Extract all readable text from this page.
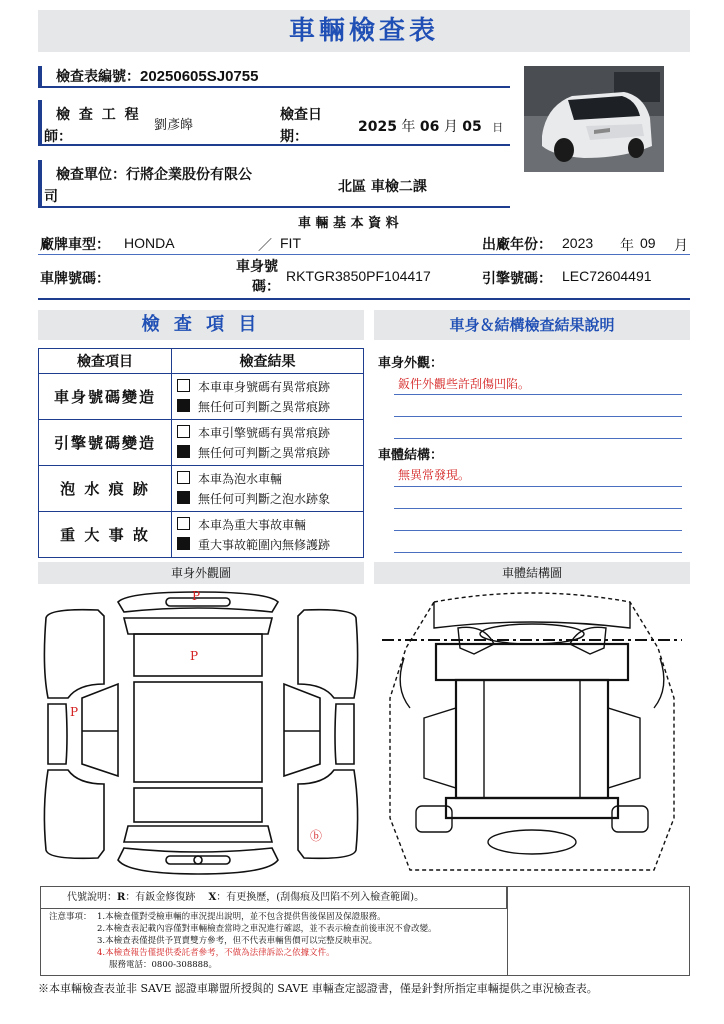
車輛檢查表
檢查表編號：20250605SJ0755
檢 查 工 程
師：
劉彥皞
檢查日
期：
2025 年 06 月 05 日
檢查單位：行將企業股份有限公
司
北區 車檢二課
車 輛 基 本 資 料
廠牌車型： HONDA	／ FIT	出廠年份： 2023 年 09 月
車牌號碼：
車身號
碼：
RKTGR3850PF104417	引擎號碼： LEC72604491
檢 查 項 目	車身＆結構檢查結果說明
檢查項目	檢查結果
車身號碼變造	本車車身號碼有異常痕跡
無任何可判斷之異常痕跡

引擎號碼變造	本車引擎號碼有異常痕跡
無任何可判斷之異常痕跡

泡 水 痕 跡	本車為泡水車輛
無任何可判斷之泡水跡象

重 大 事 故	本車為重大事故車輛
重大事故範圍內無修護跡
車身外觀：
鈑件外觀些許刮傷凹陷。
車體結構：
無異常發現。
車身外觀圖	車體結構圖
P
P
P
ⓑ
代號說明：R：有鈑金修復跡 X：有更換歷，(刮傷痕及凹陷不列入檢查範圍)。
注意事項： 1.本檢查僅對受檢車輛的車況提出說明，並不包含提供售後保固及保證服務。
2.本檢查表記載內容僅對車輛檢查當時之車況進行確認，並不表示檢查前後車況不會改變。
3.本檢查表僅提供予買賣雙方參考，但不代表車輛售價可以完整反映車況。
4.本檢查報告僅提供委託者參考，不做為法律訴訟之依據文件。
服務電話：0800-308888。
※本車輛檢查表並非 SAVE 認證車聯盟所授與的 SAVE 車輛查定認證書，僅是針對所指定車輛提供之車況檢查表。
